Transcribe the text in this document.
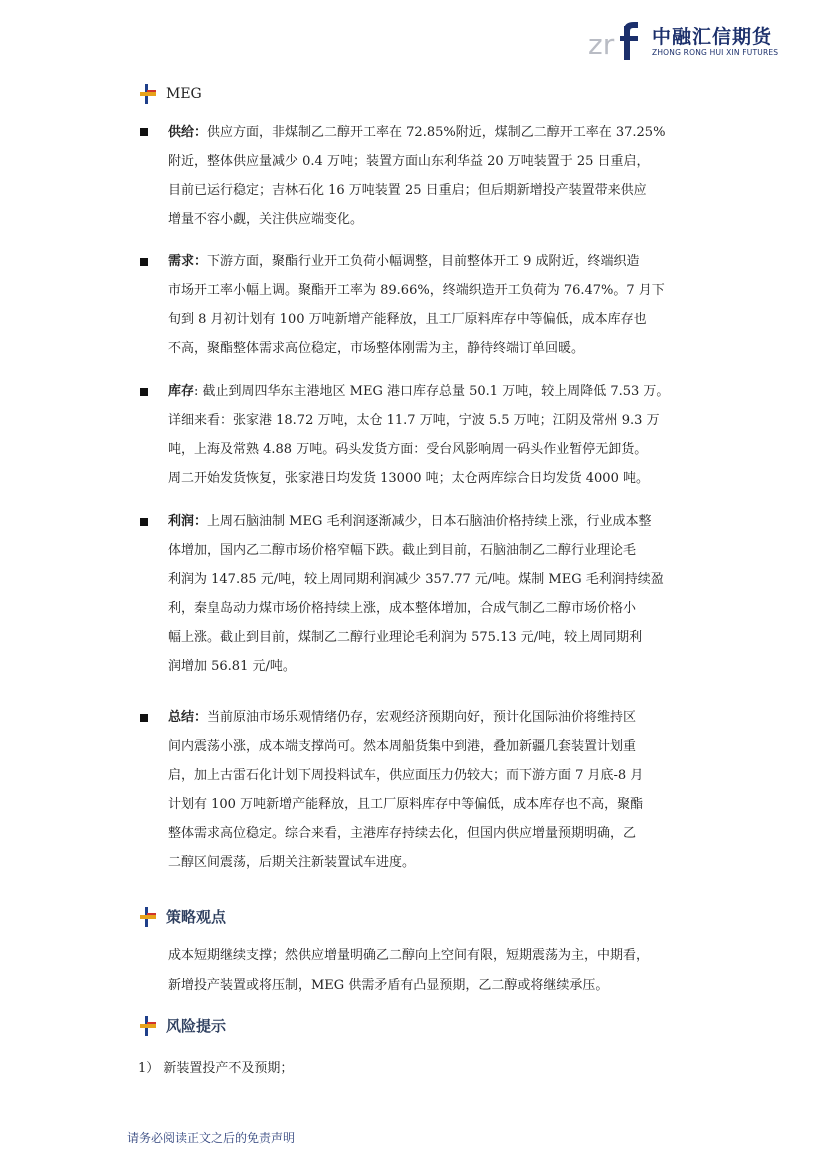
zr 中融汇信期货
ZHONG RONG HUI XIN FUTURES
MEG
供给：供应方面，非煤制乙二醇开工率在 72.85%附近，煤制乙二醇开工率在 37.25%
附近，整体供应量减少 0.4 万吨；装置方面山东利华益 20 万吨装置于 25 日重启，
目前已运行稳定；吉林石化 16 万吨装置 25 日重启；但后期新增投产装置带来供应
增量不容小觑，关注供应端变化。
需求：下游方面，聚酯行业开工负荷小幅调整，目前整体开工 9 成附近，终端织造
市场开工率小幅上调。聚酯开工率为 89.66%，终端织造开工负荷为 76.47%。7 月下
旬到 8 月初计划有 100 万吨新增产能释放，且工厂原料库存中等偏低，成本库存也
不高，聚酯整体需求高位稳定，市场整体刚需为主，静待终端订单回暖。
库存: 截止到周四华东主港地区 MEG 港口库存总量 50.1 万吨，较上周降低 7.53 万。
详细来看：张家港 18.72 万吨，太仓 11.7 万吨，宁波 5.5 万吨；江阴及常州 9.3 万
吨，上海及常熟 4.88 万吨。码头发货方面：受台风影响周一码头作业暂停无卸货。
周二开始发货恢复，张家港日均发货 13000 吨；太仓两库综合日均发货 4000 吨。
利润：上周石脑油制 MEG 毛利润逐渐减少，日本石脑油价格持续上涨，行业成本整
体增加，国内乙二醇市场价格窄幅下跌。截止到目前，石脑油制乙二醇行业理论毛
利润为 147.85 元/吨，较上周同期利润减少 357.77 元/吨。煤制 MEG 毛利润持续盈
利，秦皇岛动力煤市场价格持续上涨，成本整体增加，合成气制乙二醇市场价格小
幅上涨。截止到目前，煤制乙二醇行业理论毛利润为 575.13 元/吨，较上周同期利
润增加 56.81 元/吨。
总结：当前原油市场乐观情绪仍存，宏观经济预期向好，预计化国际油价将维持区
间内震荡小涨，成本端支撑尚可。然本周船货集中到港，叠加新疆几套装置计划重
启，加上古雷石化计划下周投料试车，供应面压力仍较大；而下游方面 7 月底-8 月
计划有 100 万吨新增产能释放，且工厂原料库存中等偏低，成本库存也不高，聚酯
整体需求高位稳定。综合来看，主港库存持续去化，但国内供应增量预期明确，乙
二醇区间震荡，后期关注新装置试车进度。
策略观点
成本短期继续支撑；然供应增量明确乙二醇向上空间有限，短期震荡为主，中期看，
新增投产装置或将压制，MEG 供需矛盾有凸显预期，乙二醇或将继续承压。
风险提示
1） 新装置投产不及预期；
请务必阅读正文之后的免责声明
